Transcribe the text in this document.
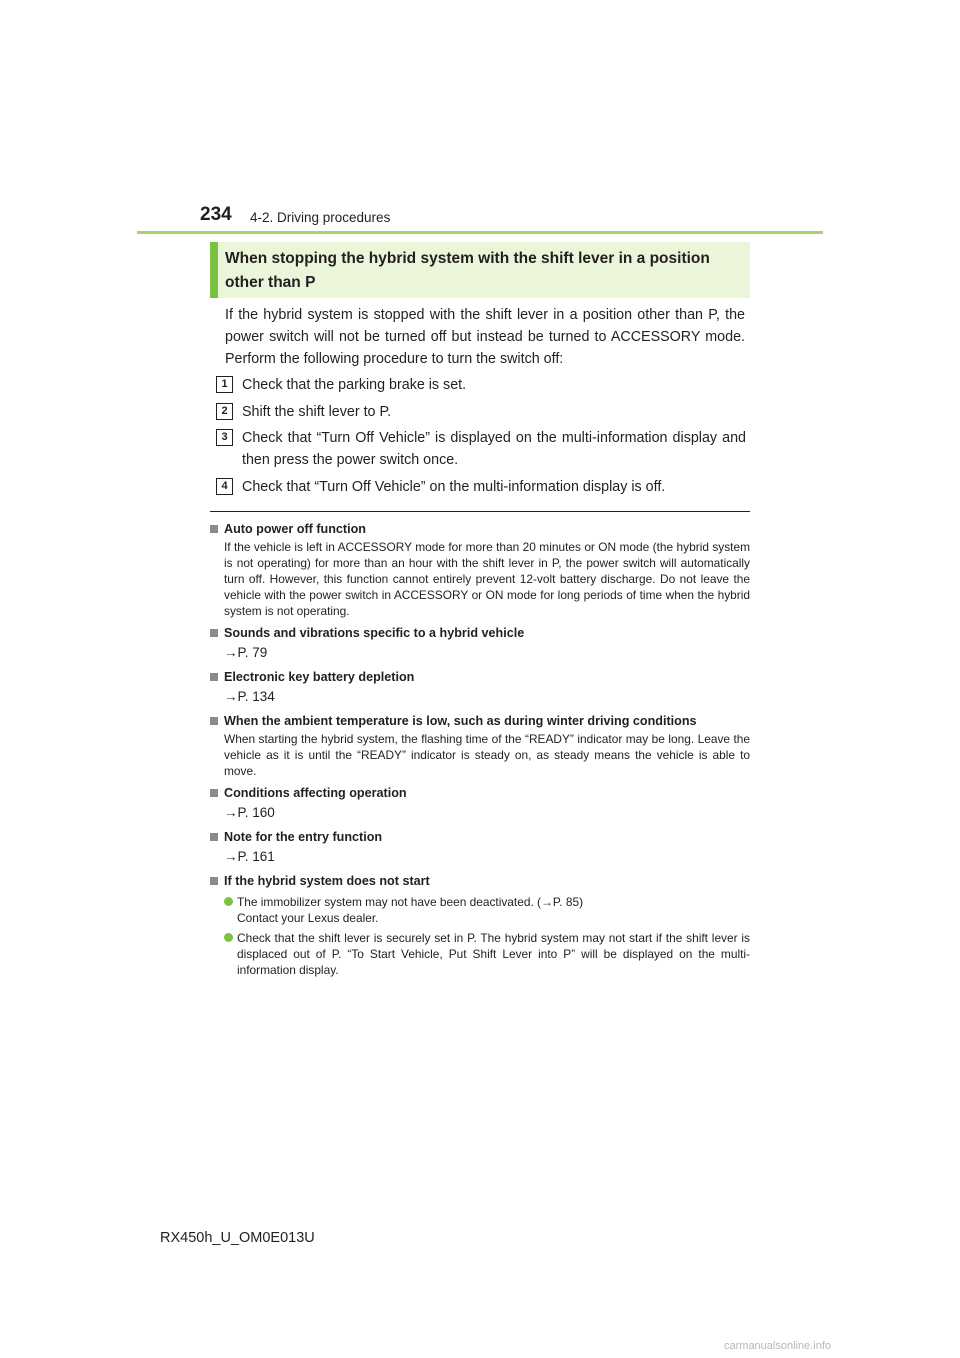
234 4-2. Driving procedures
When stopping the hybrid system with the shift lever in a position other than P
If the hybrid system is stopped with the shift lever in a position other than P, the power switch will not be turned off but instead be turned to ACCESSORY mode. Perform the following procedure to turn the switch off:
1	Check that the parking brake is set.
2	Shift the shift lever to P.
3	Check that “Turn Off Vehicle” is displayed on the multi-information display and then press the power switch once.
4	Check that “Turn Off Vehicle” on the multi-information display is off.
Auto power off function
If the vehicle is left in ACCESSORY mode for more than 20 minutes or ON mode (the hybrid system is not operating) for more than an hour with the shift lever in P, the power switch will automatically turn off. However, this function cannot entirely prevent 12-volt battery discharge. Do not leave the vehicle with the power switch in ACCESSORY or ON mode for long periods of time when the hybrid system is not operating.
Sounds and vibrations specific to a hybrid vehicle
→P. 79
Electronic key battery depletion
→P. 134
When the ambient temperature is low, such as during winter driving conditions
When starting the hybrid system, the flashing time of the “READY” indicator may be long. Leave the vehicle as it is until the “READY” indicator is steady on, as steady means the vehicle is able to move.
Conditions affecting operation
→P. 160
Note for the entry function
→P. 161
If the hybrid system does not start
The immobilizer system may not have been deactivated. (→P. 85)
Contact your Lexus dealer.
Check that the shift lever is securely set in P. The hybrid system may not start if the shift lever is displaced out of P. “To Start Vehicle, Put Shift Lever into P” will be displayed on the multi-information display.
RX450h_U_OM0E013U
carmanualsonline.info
